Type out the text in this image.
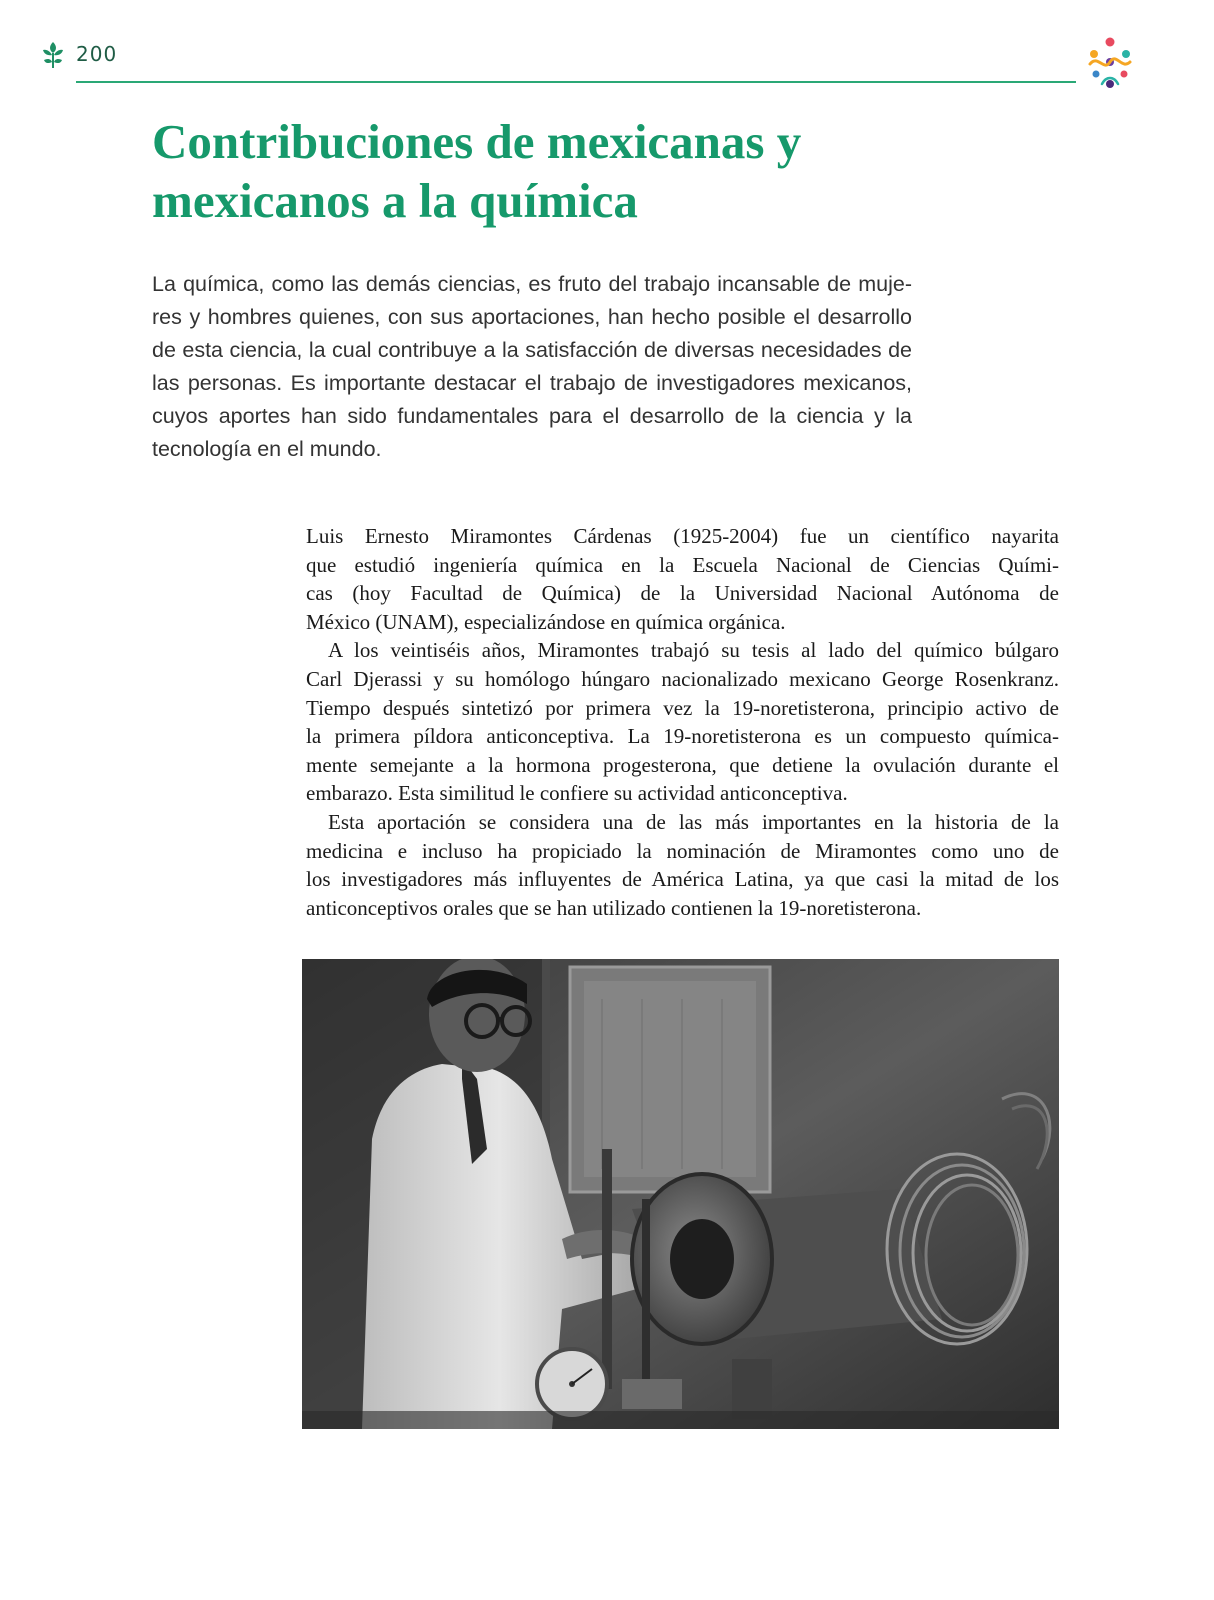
200
Contribuciones de mexicanas y
mexicanos a la química

La química, como las demás ciencias, es fruto del trabajo incansable de muje-
res y hombres quienes, con sus aportaciones, han hecho posible el desarrollo
de esta ciencia, la cual contribuye a la satisfacción de diversas necesidades de
las personas. Es importante destacar el trabajo de investigadores mexicanos,
cuyos aportes han sido fundamentales para el desarrollo de la ciencia y la
tecnología en el mundo.

Luis Ernesto Miramontes Cárdenas (1925-2004) fue un científico nayarita
que estudió ingeniería química en la Escuela Nacional de Ciencias Quími-
cas (hoy Facultad de Química) de la Universidad Nacional Autónoma de
México (UNAM), especializándose en química orgánica.

A los veintiséis años, Miramontes trabajó su tesis al lado del químico búlgaro
Carl Djerassi y su homólogo húngaro nacionalizado mexicano George Rosenkranz.
Tiempo después sintetizó por primera vez la 19-noretisterona, principio activo de
la primera píldora anticonceptiva. La 19-noretisterona es un compuesto química-
mente semejante a la hormona progesterona, que detiene la ovulación durante el
embarazo. Esta similitud le confiere su actividad anticonceptiva.

Esta aportación se considera una de las más importantes en la historia de la
medicina e incluso ha propiciado la nominación de Miramontes como uno de
los investigadores más influyentes de América Latina, ya que casi la mitad de los
anticonceptivos orales que se han utilizado contienen la 19-noretisterona.
